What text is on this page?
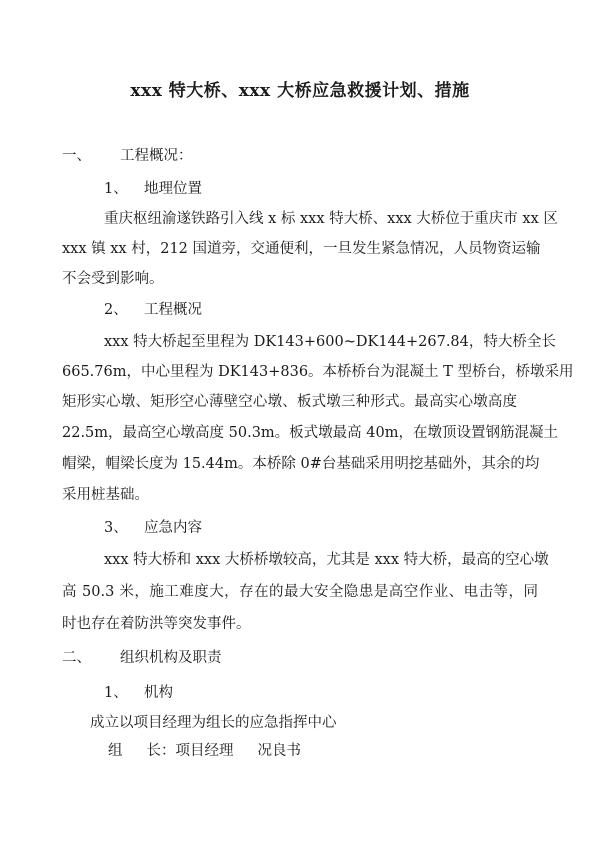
xxx 特大桥、xxx 大桥应急救援计划、措施
一、 工程概况：
1、 地理位置
重庆枢纽渝遂铁路引入线 x 标 xxx 特大桥、xxx 大桥位于重庆市 xx 区
xxx 镇 xx 村，212 国道旁，交通便利，一旦发生紧急情况，人员物资运输
不会受到影响。
2、 工程概况
xxx 特大桥起至里程为 DK143+600~DK144+267.84，特大桥全长
665.76m，中心里程为 DK143+836。本桥桥台为混凝土 T 型桥台，桥墩采用
矩形实心墩、矩形空心薄壁空心墩、板式墩三种形式。最高实心墩高度
22.5m，最高空心墩高度 50.3m。板式墩最高 40m，在墩顶设置钢筋混凝土
帽梁，帽梁长度为 15.44m。本桥除 0#台基础采用明挖基础外，其余的均
采用桩基础。
3、 应急内容
xxx 特大桥和 xxx 大桥桥墩较高，尤其是 xxx 特大桥，最高的空心墩
高 50.3 米，施工难度大，存在的最大安全隐患是高空作业、电击等，同
时也存在着防洪等突发事件。
二、 组织机构及职责
1、 机构
成立以项目经理为组长的应急指挥中心
组 长：项目经理 况良书
